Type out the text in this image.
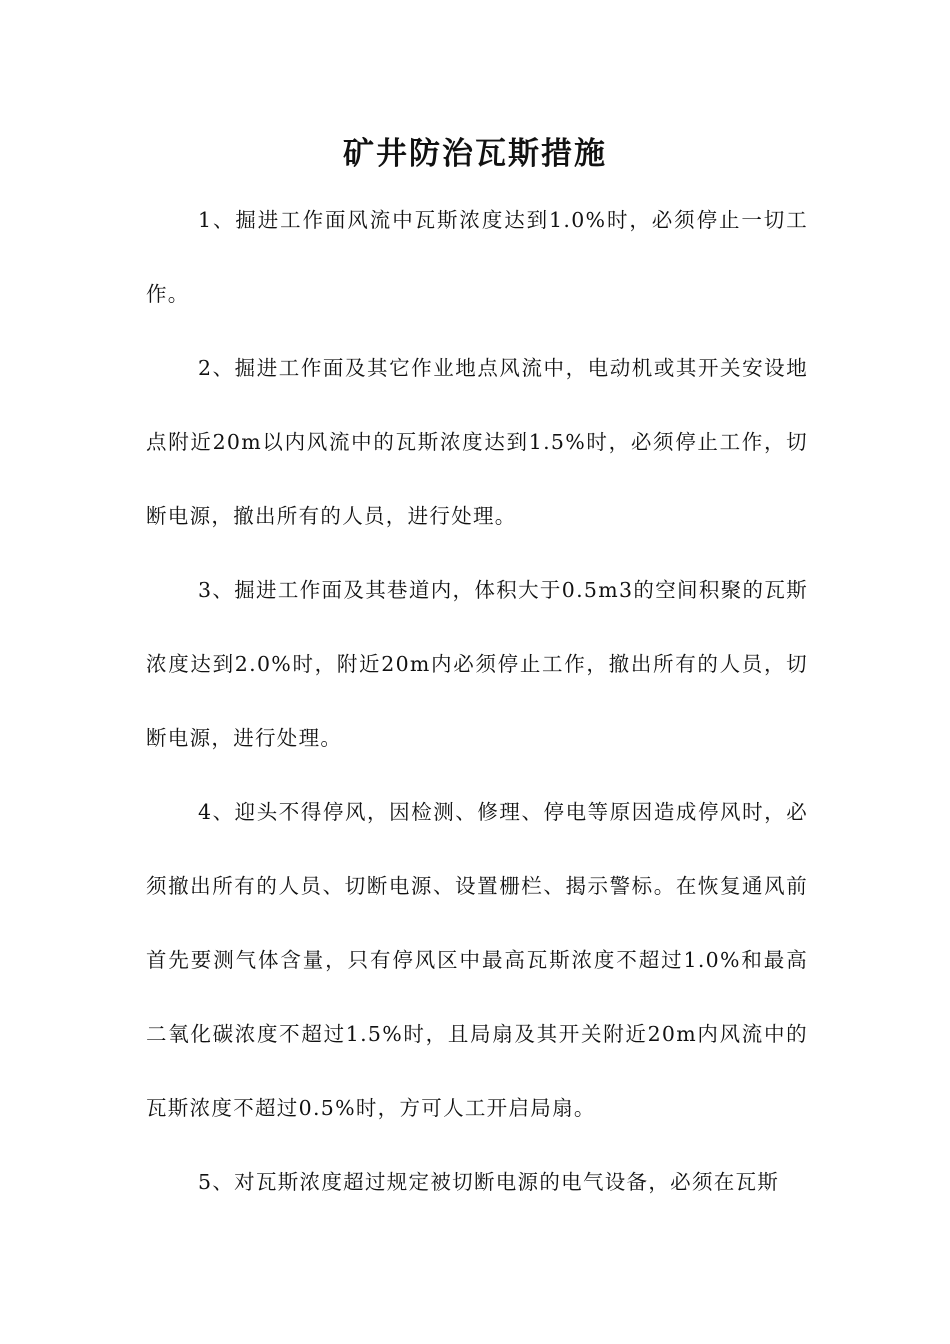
矿井防治瓦斯措施

1、掘进工作面风流中瓦斯浓度达到1.0%时，必须停止一切工作。

2、掘进工作面及其它作业地点风流中，电动机或其开关安设地点附近20m以内风流中的瓦斯浓度达到1.5%时，必须停止工作，切断电源，撤出所有的人员，进行处理。

3、掘进工作面及其巷道内，体积大于0.5m3的空间积聚的瓦斯浓度达到2.0%时，附近20m内必须停止工作，撤出所有的人员，切断电源，进行处理。

4、迎头不得停风，因检测、修理、停电等原因造成停风时，必须撤出所有的人员、切断电源、设置栅栏、揭示警标。在恢复通风前首先要测气体含量，只有停风区中最高瓦斯浓度不超过1.0%和最高二氧化碳浓度不超过1.5%时，且局扇及其开关附近20m内风流中的瓦斯浓度不超过0.5%时，方可人工开启局扇。

5、对瓦斯浓度超过规定被切断电源的电气设备，必须在瓦斯
